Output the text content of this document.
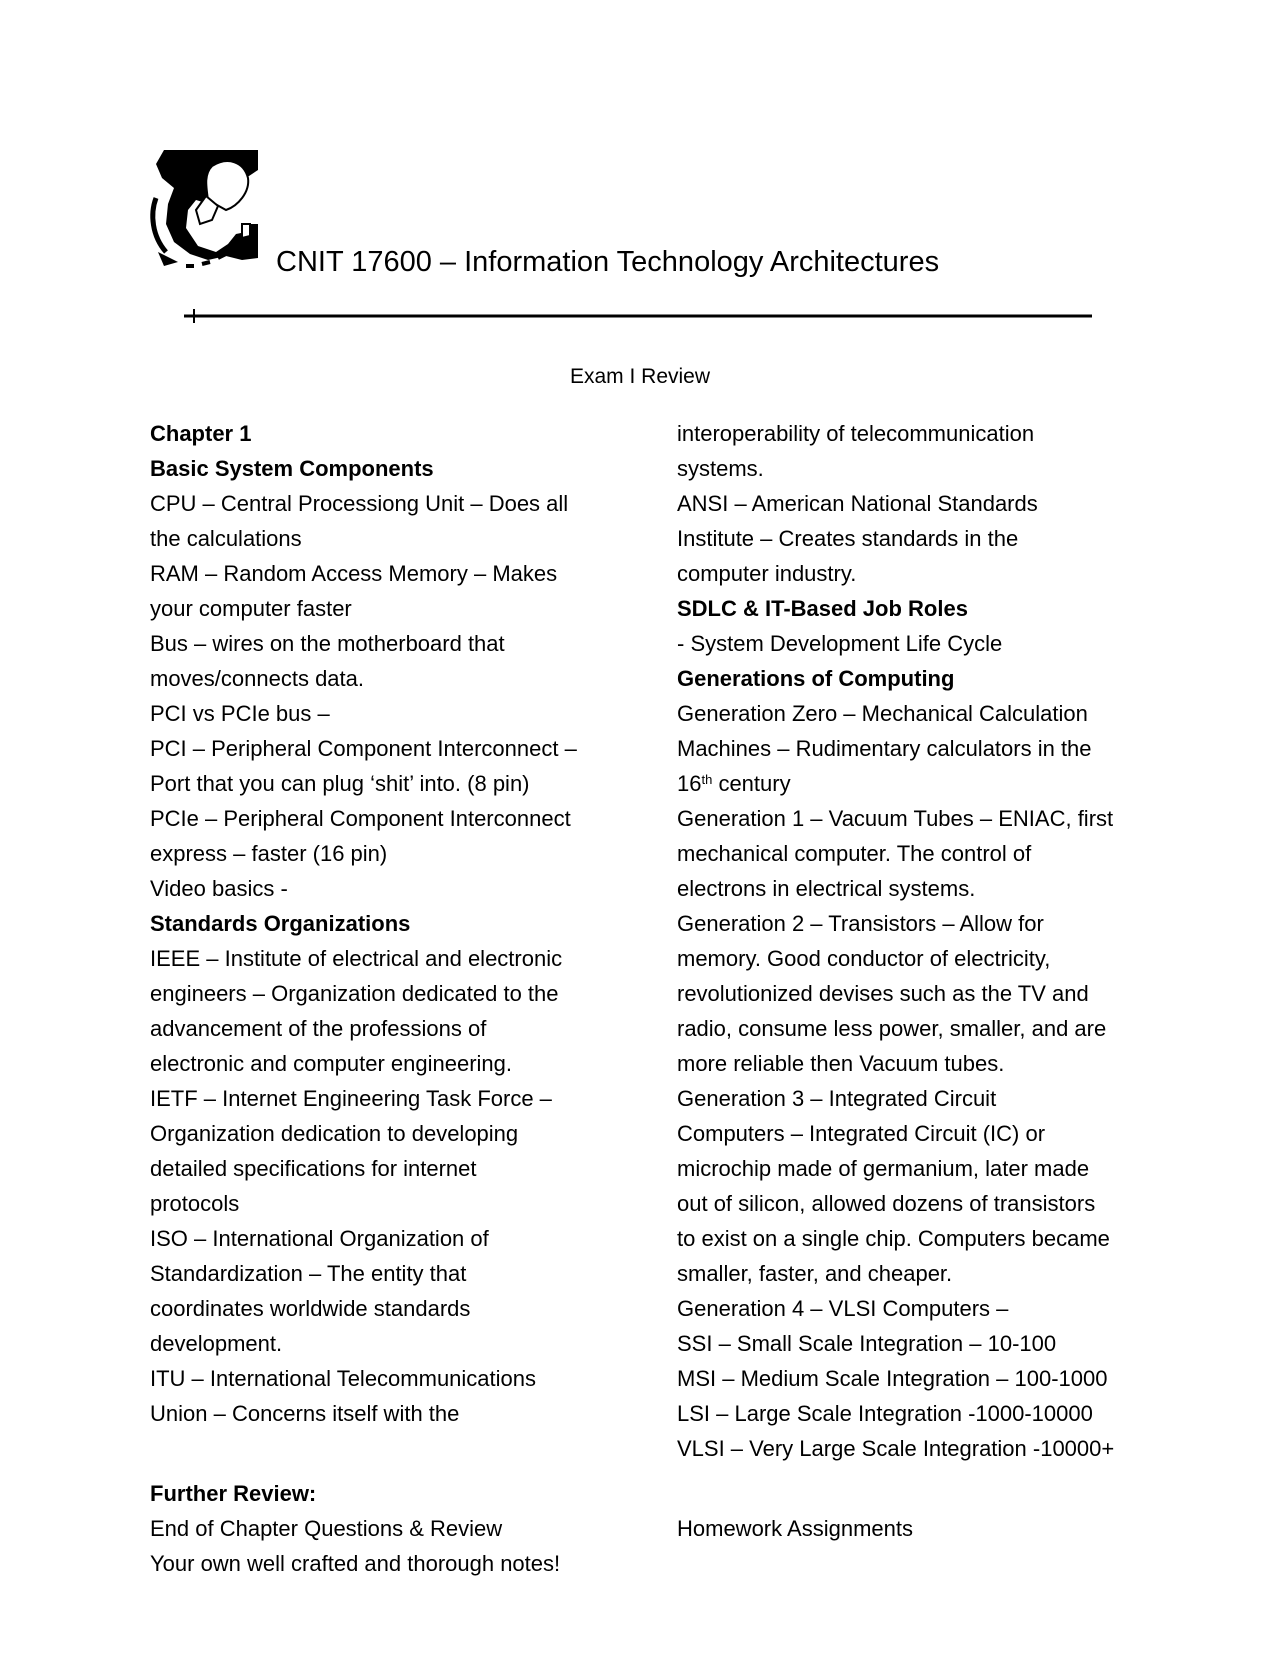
CNIT 17600 – Information Technology Architectures
Exam I Review
Chapter 1
Basic System Components
CPU – Central Processiong Unit – Does all
the calculations
RAM – Random Access Memory – Makes
your computer faster
Bus – wires on the motherboard that
moves/connects data.
PCI vs PCIe bus –
PCI – Peripheral Component Interconnect –
Port that you can plug ‘shit’ into. (8 pin)
PCIe – Peripheral Component Interconnect
express – faster (16 pin)
Video basics -
Standards Organizations
IEEE – Institute of electrical and electronic
engineers – Organization dedicated to the
advancement of the professions of
electronic and computer engineering.
IETF – Internet Engineering Task Force –
Organization dedication to developing
detailed specifications for internet
protocols
ISO – International Organization of
Standardization – The entity that
coordinates worldwide standards
development.
ITU – International Telecommunications
Union – Concerns itself with the
interoperability of telecommunication
systems.
ANSI – American National Standards
Institute – Creates standards in the
computer industry.
SDLC & IT-Based Job Roles
- System Development Life Cycle
Generations of Computing
Generation Zero – Mechanical Calculation
Machines – Rudimentary calculators in the
16th century
Generation 1 – Vacuum Tubes – ENIAC, first
mechanical computer. The control of
electrons in electrical systems.
Generation 2 – Transistors – Allow for
memory. Good conductor of electricity,
revolutionized devises such as the TV and
radio, consume less power, smaller, and are
more reliable then Vacuum tubes.
Generation 3 – Integrated Circuit
Computers – Integrated Circuit (IC) or
microchip made of germanium, later made
out of silicon, allowed dozens of transistors
to exist on a single chip. Computers became
smaller, faster, and cheaper.
Generation 4 – VLSI Computers –
SSI – Small Scale Integration – 10-100
MSI – Medium Scale Integration – 100-1000
LSI – Large Scale Integration -1000-10000
VLSI – Very Large Scale Integration -10000+
Further Review:
End of Chapter Questions & Review
Your own well crafted and thorough notes!
Homework Assignments
